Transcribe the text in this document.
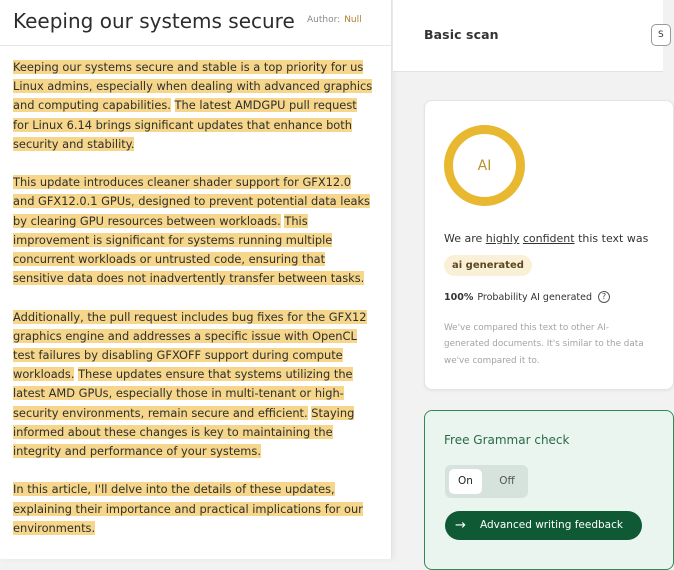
Keeping our systems secure Author: Null

Keeping our systems secure and stable is a top priority for us Linux admins, especially when dealing with advanced graphics and computing capabilities. The latest AMDGPU pull request for Linux 6.14 brings significant updates that enhance both security and stability.

This update introduces cleaner shader support for GFX12.0 and GFX12.0.1 GPUs, designed to prevent potential data leaks by clearing GPU resources between workloads. This improvement is significant for systems running multiple concurrent workloads or untrusted code, ensuring that sensitive data does not inadvertently transfer between tasks.

Additionally, the pull request includes bug fixes for the GFX12 graphics engine and addresses a specific issue with OpenCL test failures by disabling GFXOFF support during compute workloads. These updates ensure that systems utilizing the latest AMD GPUs, especially those in multi-tenant or high-security environments, remain secure and efficient. Staying informed about these changes is key to maintaining the integrity and performance of your systems.

In this article, I'll delve into the details of these updates, explaining their importance and practical implications for our environments.

Basic scan	S
AI
We are highly confident this text was
ai generated
100% Probability AI generated	?
We've compared this text to other AI-generated documents. It's similar to the data we've compared it to.
Free Grammar check
On	Off
→ Advanced writing feedback
